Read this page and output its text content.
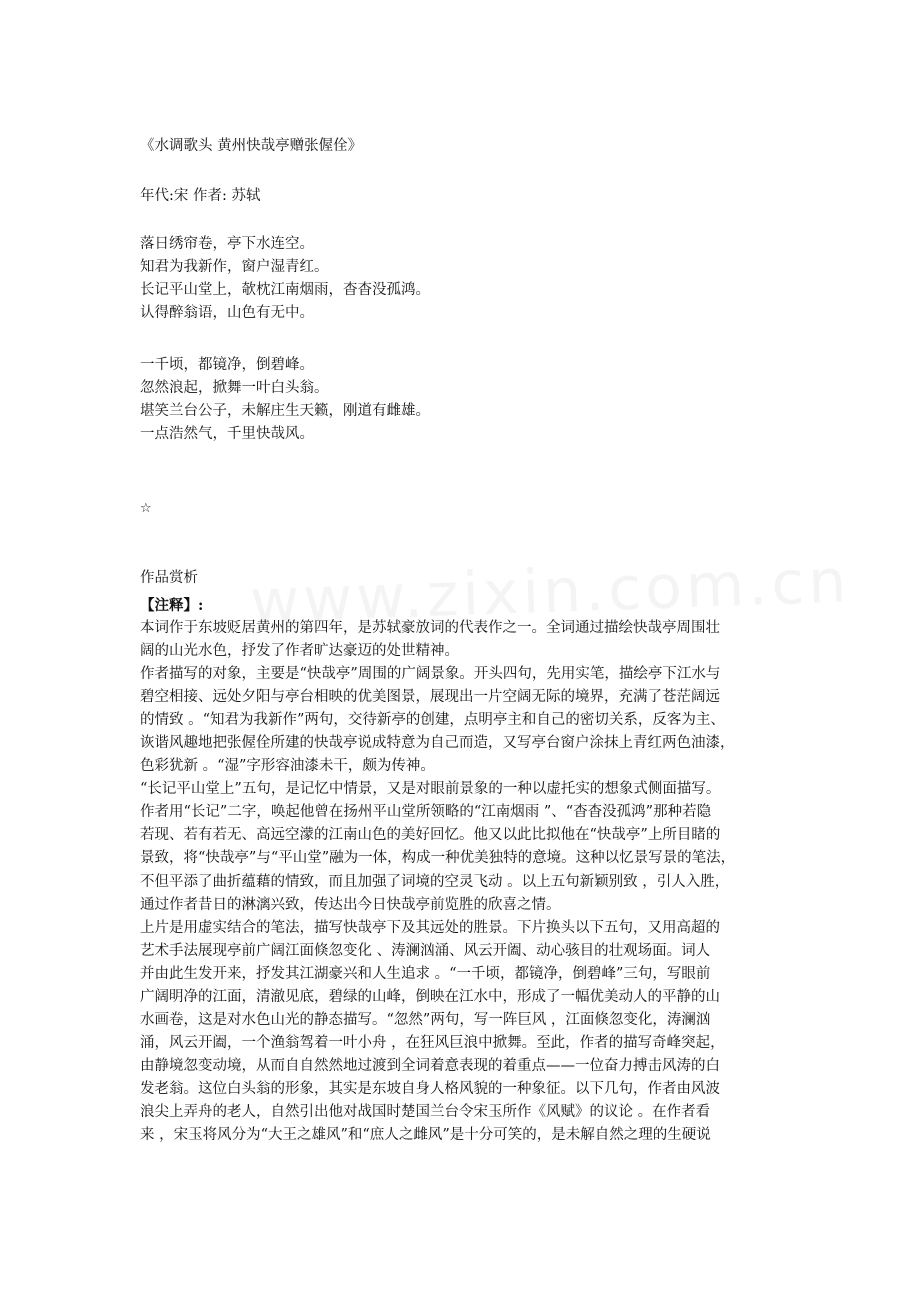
《水调歌头 黄州快哉亭赠张偓佺》
年代:宋 作者: 苏轼
落日绣帘卷，亭下水连空。
知君为我新作，窗户湿青红。
长记平山堂上，欹枕江南烟雨，杳杳没孤鸿。
认得醉翁语，山色有无中。
一千顷，都镜净，倒碧峰。
忽然浪起，掀舞一叶白头翁。
堪笑兰台公子，未解庄生天籁，刚道有雌雄。
一点浩然气，千里快哉风。
☆
作品赏析
【注释】:
本词作于东坡贬居黄州的第四年，是苏轼豪放词的代表作之一。全词通过描绘快哉亭周围壮
阔的山光水色，抒发了作者旷达豪迈的处世精神。
作者描写的对象，主要是“快哉亭”周围的广阔景象。开头四句，先用实笔，描绘亭下江水与
碧空相接、远处夕阳与亭台相映的优美图景，展现出一片空阔无际的境界，充满了苍茫阔远
的情致 。“知君为我新作”两句，交待新亭的创建，点明亭主和自己的密切关系，反客为主、
诙谐风趣地把张偓佺所建的快哉亭说成特意为自己而造，又写亭台窗户涂抹上青红两色油漆，
色彩犹新 。“湿”字形容油漆未干，颇为传神。
“长记平山堂上”五句，是记忆中情景，又是对眼前景象的一种以虚托实的想象式侧面描写。
作者用“长记”二字，唤起他曾在扬州平山堂所领略的“江南烟雨 ”、“杳杳没孤鸿”那种若隐
若现、若有若无、高远空濛的江南山色的美好回忆。他又以此比拟他在“快哉亭”上所目睹的
景致，将“快哉亭”与“平山堂”融为一体，构成一种优美独特的意境。这种以忆景写景的笔法，
不但平添了曲折蕴藉的情致，而且加强了词境的空灵飞动 。以上五句新颖别致 ，引人入胜，
通过作者昔日的淋漓兴致，传达出今日快哉亭前览胜的欣喜之情。
上片是用虚实结合的笔法，描写快哉亭下及其远处的胜景。下片换头以下五句，又用高超的
艺术手法展现亭前广阔江面倏忽变化 、涛澜汹涌、风云开阖、动心骇目的壮观场面。词人
并由此生发开来，抒发其江湖豪兴和人生追求 。“一千顷，都镜净，倒碧峰”三句，写眼前
广阔明净的江面，清澈见底，碧绿的山峰，倒映在江水中，形成了一幅优美动人的平静的山
水画卷，这是对水色山光的静态描写。“忽然”两句，写一阵巨风 ，江面倏忽变化，涛澜汹
涌，风云开阖，一个渔翁驾着一叶小舟 ，在狂风巨浪中掀舞。至此，作者的描写奇峰突起，
由静境忽变动境，从而自自然然地过渡到全词着意表现的着重点——一位奋力搏击风涛的白
发老翁。这位白头翁的形象，其实是东坡自身人格风貌的一种象征。以下几句，作者由风波
浪尖上弄舟的老人，自然引出他对战国时楚国兰台令宋玉所作《风赋》的议论 。在作者看
来 ，宋玉将风分为“大王之雄风”和“庶人之雌风”是十分可笑的，是未解自然之理的生硬说
